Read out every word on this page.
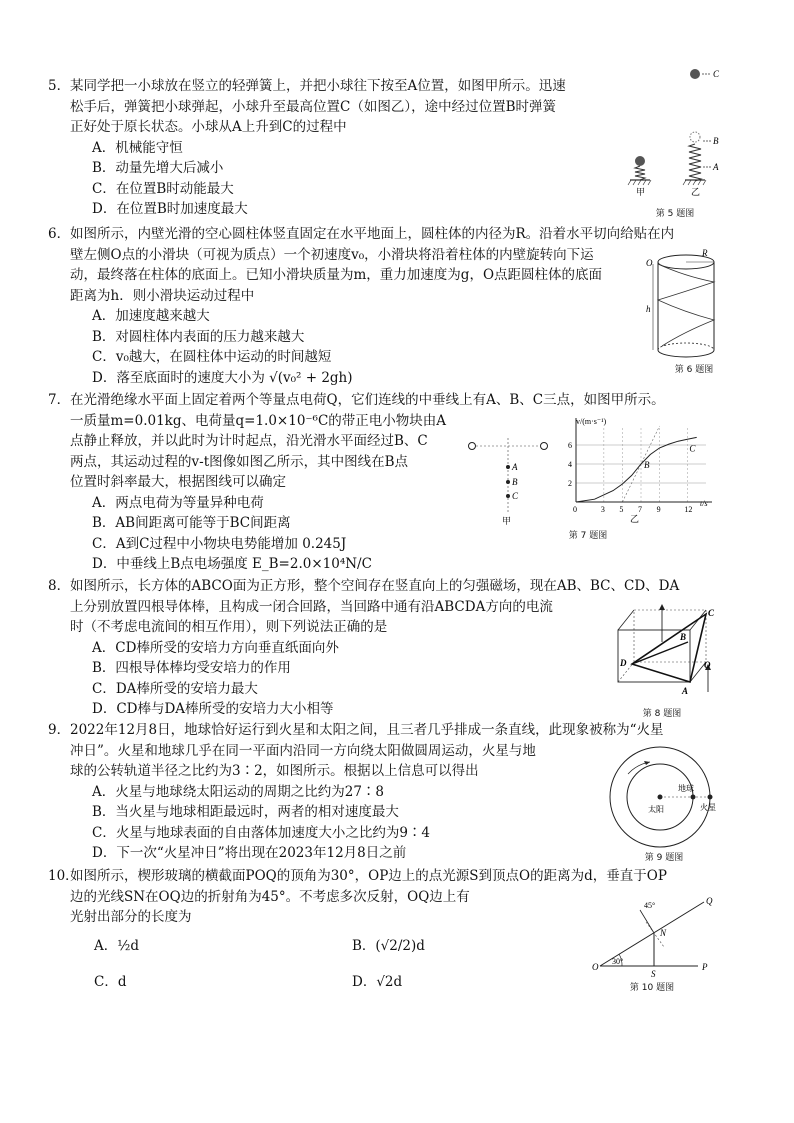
5．某同学把一小球放在竖立的轻弹簧上，并把小球往下按至A位置，如图甲所示。迅速
松手后，弹簧把小球弹起，小球升至最高位置C（如图乙），途中经过位置B时弹簧
正好处于原长状态。小球从A上升到C的过程中

A．机械能守恒

B．动量先增大后减小

C．在位置B时动能最大

D．在位置B时加速度最大

C
甲
B
A
乙
第 5 题图

6．如图所示，内壁光滑的空心圆柱体竖直固定在水平地面上，圆柱体的内径为R。沿着水平切向给贴在内
壁左侧O点的小滑块（可视为质点）一个初速度v₀，小滑块将沿着柱体的内壁旋转向下运
动，最终落在柱体的底面上。已知小滑块质量为m，重力加速度为g，O点距圆柱体的底面
距离为h．则小滑块运动过程中

A．加速度越来越大

B．对圆柱体内表面的压力越来越大

C．v₀越大，在圆柱体中运动的时间越短

D．落至底面时的速度大小为 √(v₀² + 2gh)

O
R
h
第 6 题图

7．在光滑绝缘水平面上固定着两个等量点电荷Q，它们连线的中垂线上有A、B、C三点，如图甲所示。
一质量m=0.01kg、电荷量q=1.0×10⁻⁶C的带正电小物块由A
点静止释放，并以此时为计时起点，沿光滑水平面经过B、C
两点，其运动过程的v-t图像如图乙所示，其中图线在B点
位置时斜率最大，根据图线可以确定

A．两点电荷为等量异种电荷

B．AB间距离可能等于BC间距离

C．A到C过程中小物块电势能增加 0.245J

D．中垂线上B点电场强度 E_B=2.0×10⁴N/C

A
B
C
甲
v/(m·s⁻¹)
t/s
2
4
6
0	3 5 7 9	12
B
C
乙
第 7 题图

8．如图所示，长方体的ABCO面为正方形，整个空间存在竖直向上的匀强磁场，现在AB、BC、CD、DA
上分别放置四根导体棒，且构成一闭合回路，当回路中通有沿ABCDA方向的电流
时（不考虑电流间的相互作用），则下列说法正确的是

A．CD棒所受的安培力方向垂直纸面向外

B．四根导体棒均受安培力的作用

C．DA棒所受的安培力最大

D．CD棒与DA棒所受的安培力大小相等

C
B
D	O
A
第 8 题图

9．2022年12月8日，地球恰好运行到火星和太阳之间，且三者几乎排成一条直线，此现象被称为“火星
冲日”。火星和地球几乎在同一平面内沿同一方向绕太阳做圆周运动，火星与地
球的公转轨道半径之比约为3∶2，如图所示。根据以上信息可以得出

A．火星与地球绕太阳运动的周期之比约为27∶8

B．当火星与地球相距最远时，两者的相对速度最大

C．火星与地球表面的自由落体加速度大小之比约为9∶4

D．下一次“火星冲日”将出现在2023年12月8日之前

太阳
地球
火星
第 9 题图

10．如图所示，楔形玻璃的横截面POQ的顶角为30°，OP边上的点光源S到顶点O的距离为d，垂直于OP
边的光线SN在OQ边的折射角为45°。不考虑多次反射，OQ边上有
光射出部分的长度为

A．½d	B．(√2/2)d
C．d	D．√2d
30°
45°
O	P
Q
S
N
第 10 题图
